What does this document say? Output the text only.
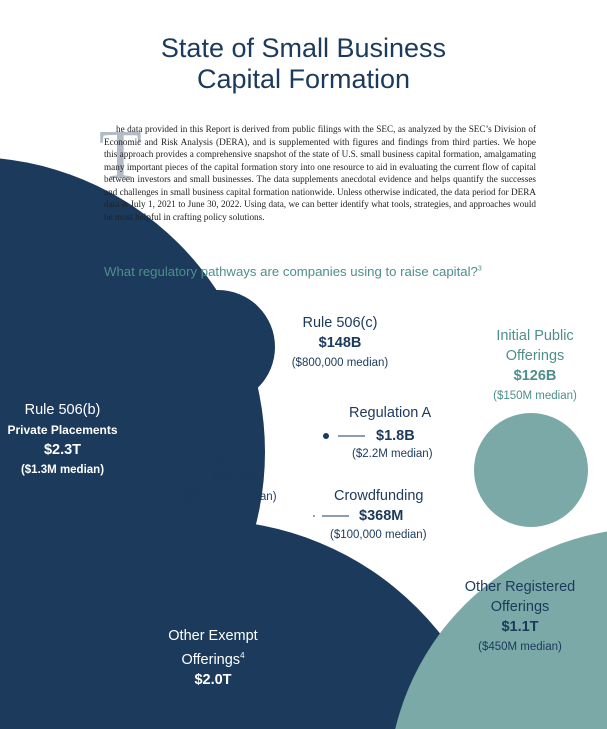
State of Small Business
Capital Formation
T
he data provided in this Report is derived from public filings with the SEC, as analyzed by the SEC’s Division of Economic and Risk Analysis (DERA), and is supplemented with figures and findings from third parties. We hope this approach provides a comprehensive snapshot of the state of U.S. small business capital formation, amalgamating many important pieces of the capital formation story into one resource to aid in evaluating the current flow of capital between investors and small businesses. The data supplements anecdotal evidence and helps quantify the successes and challenges in small business capital formation nationwide. Unless otherwise indicated, the data period for DERA data is July 1, 2021 to June 30, 2022. Using data, we can better identify what tools, strategies, and approaches would be most helpful in crafting policy solutions.
What regulatory pathways are companies using to raise capital?$^3$
Rule 506(b)
Private Placements
$2.3T
($1.3M median)
Rule 506(c)
$148B
($800,000 median)
Initial Public
Offerings
$126B
($150M median)
Regulation A
$1.8B
($2.2M median)
Rule 504
$624M
($250,000 median)	Crowdfunding
$368M
($100,000 median)
Other Exempt
Offerings$^4$
$2.0T
Other Registered
Offerings
$1.1T
($450M median)
